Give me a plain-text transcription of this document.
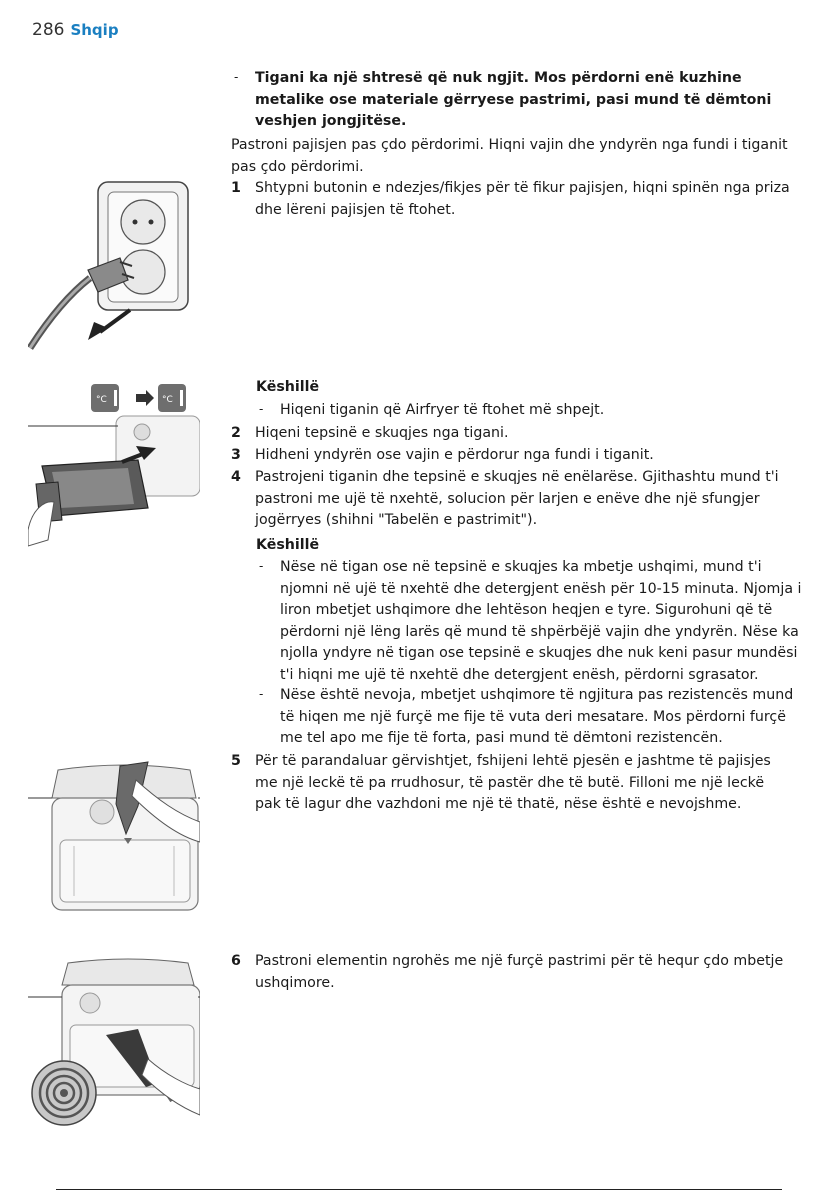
286 Shqip
-	Tigani ka një shtresë që nuk ngjit. Mos përdorni enë kuzhine metalike ose materiale gërryese pastrimi, pasi mund të dëmtoni veshjen jongjitëse.
Pastroni pajisjen pas çdo përdorimi. Hiqni vajin dhe yndyrën nga fundi i tiganit pas çdo përdorimi.
1 Shtypni butonin e ndezjes/fikjes për të fikur pajisjen, hiqni spinën nga priza dhe lëreni pajisjen të ftohet.
Këshillë
-	Hiqeni tiganin që Airfryer të ftohet më shpejt.
2 Hiqeni tepsinë e skuqjes nga tigani.
3 Hidheni yndyrën ose vajin e përdorur nga fundi i tiganit.
4 Pastrojeni tiganin dhe tepsinë e skuqjes në enëlarëse. Gjithashtu mund t'i pastroni me ujë të nxehtë, solucion për larjen e enëve dhe një sfungjer jogërryes (shihni "Tabelën e pastrimit").
Këshillë
-	Nëse në tigan ose në tepsinë e skuqjes ka mbetje ushqimi, mund t'i njomni në ujë të nxehtë dhe detergjent enësh për 10-15 minuta. Njomja i liron mbetjet ushqimore dhe lehtëson heqjen e tyre. Sigurohuni që të përdorni një lëng larës që mund të shpërbëjë vajin dhe yndyrën. Nëse ka njolla yndyre në tigan ose tepsinë e skuqjes dhe nuk keni pasur mundësi t'i hiqni me ujë të nxehtë dhe detergjent enësh, përdorni sgrasator.
-	Nëse është nevoja, mbetjet ushqimore të ngjitura pas rezistencës mund të hiqen me një furçë me fije të vuta deri mesatare. Mos përdorni furçë me tel apo me fije të forta, pasi mund të dëmtoni rezistencën.
5 Për të parandaluar gërvishtjet, fshijeni lehtë pjesën e jashtme të pajisjes me një leckë të pa rrudhosur, të pastër dhe të butë. Filloni me një leckë pak të lagur dhe vazhdoni me një të thatë, nëse është e nevojshme.
6 Pastroni elementin ngrohës me një furçë pastrimi për të hequr çdo mbetje ushqimore.
°C	°C
